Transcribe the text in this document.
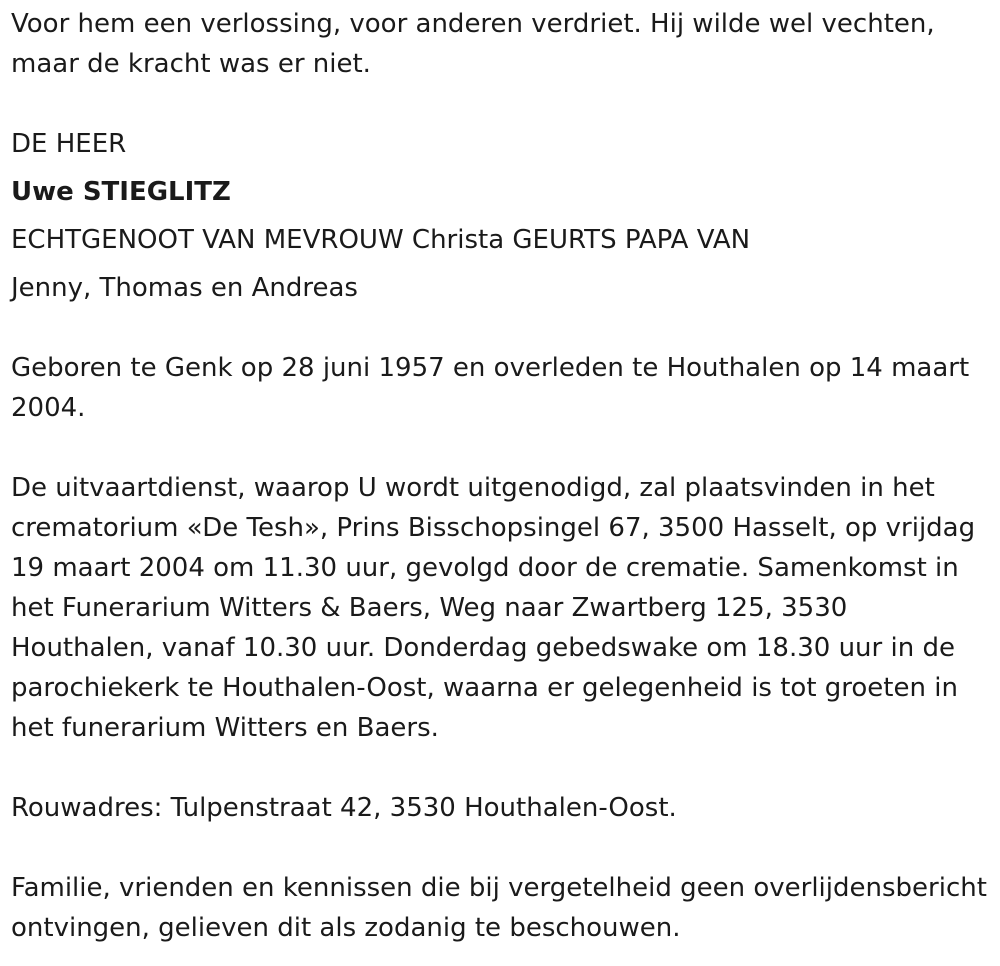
Voor hem een verlossing, voor anderen verdriet. Hij wilde wel vechten, maar de kracht was er niet.

DE HEER

Uwe STIEGLITZ

ECHTGENOOT VAN MEVROUW Christa GEURTS PAPA VAN

Jenny, Thomas en Andreas

Geboren te Genk op 28 juni 1957 en overleden te Houthalen op 14 maart 2004.

De uitvaartdienst, waarop U wordt uitgenodigd, zal plaatsvinden in het crematorium «De Tesh», Prins Bisschopsingel 67, 3500 Hasselt, op vrijdag 19 maart 2004 om 11.30 uur, gevolgd door de crematie. Samenkomst in het Funerarium Witters & Baers, Weg naar Zwartberg 125, 3530 Houthalen, vanaf 10.30 uur. Donderdag gebedswake om 18.30 uur in de parochiekerk te Houthalen-Oost, waarna er gelegenheid is tot groeten in het funerarium Witters en Baers.

Rouwadres: Tulpenstraat 42, 3530 Houthalen-Oost.

Familie, vrienden en kennissen die bij vergetelheid geen overlijdensbericht ontvingen, gelieven dit als zodanig te beschouwen.
